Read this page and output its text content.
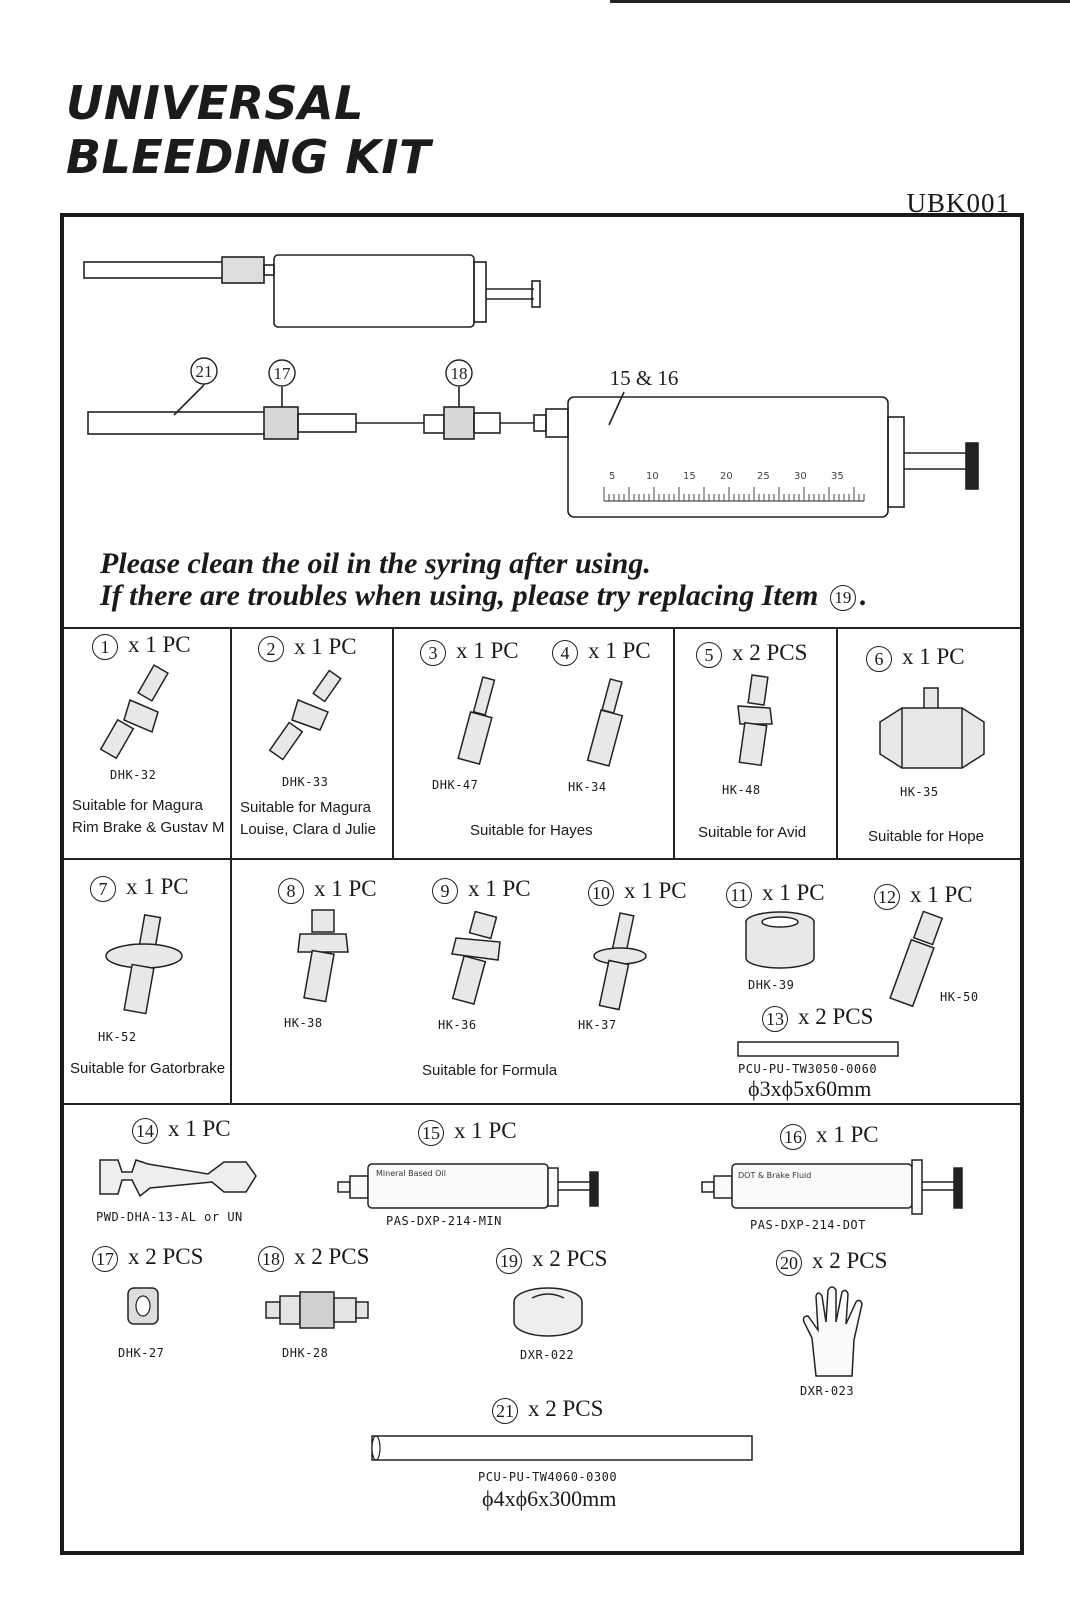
UNIVERSAL
BLEEDING KIT
UBK001
21	17	18	15 & 16
5	10 15 20 25 30 35
Please clean the oil in the syring after using.
If there are troubles when using, please try replacing Item 19 .
1 x 1 PC
DHK-32
Suitable for Magura
Rim Brake & Gustav M
2 x 1 PC
DHK-33
Suitable for Magura
Louise, Clara d Julie
3 x 1 PC	4 x 1 PC
DHK-47	HK-34
Suitable for Hayes
5 x 2 PCS
HK-48
Suitable for Avid
6 x 1 PC
HK-35
Suitable for Hope
7 x 1 PC
HK-52
Suitable for Gatorbrake
8 x 1 PC
HK-38
9 x 1 PC
HK-36
10 x 1 PC
HK-37
11 x 1 PC
DHK-39
12 x 1 PC
HK-50
Suitable for Formula
13 x 2 PCS
PCU-PU-TW3050-0060
ϕ3xϕ5x60mm
14 x 1 PC
PWD-DHA-13-AL or UN
15 x 1 PC
Mineral Based Oil
PAS-DXP-214-MIN
16 x 1 PC
DOT & Brake Fluid
PAS-DXP-214-DOT
17 x 2 PCS
DHK-27
18 x 2 PCS
DHK-28
19 x 2 PCS
DXR-022
20 x 2 PCS
DXR-023
21 x 2 PCS
PCU-PU-TW4060-0300
ϕ4xϕ6x300mm
